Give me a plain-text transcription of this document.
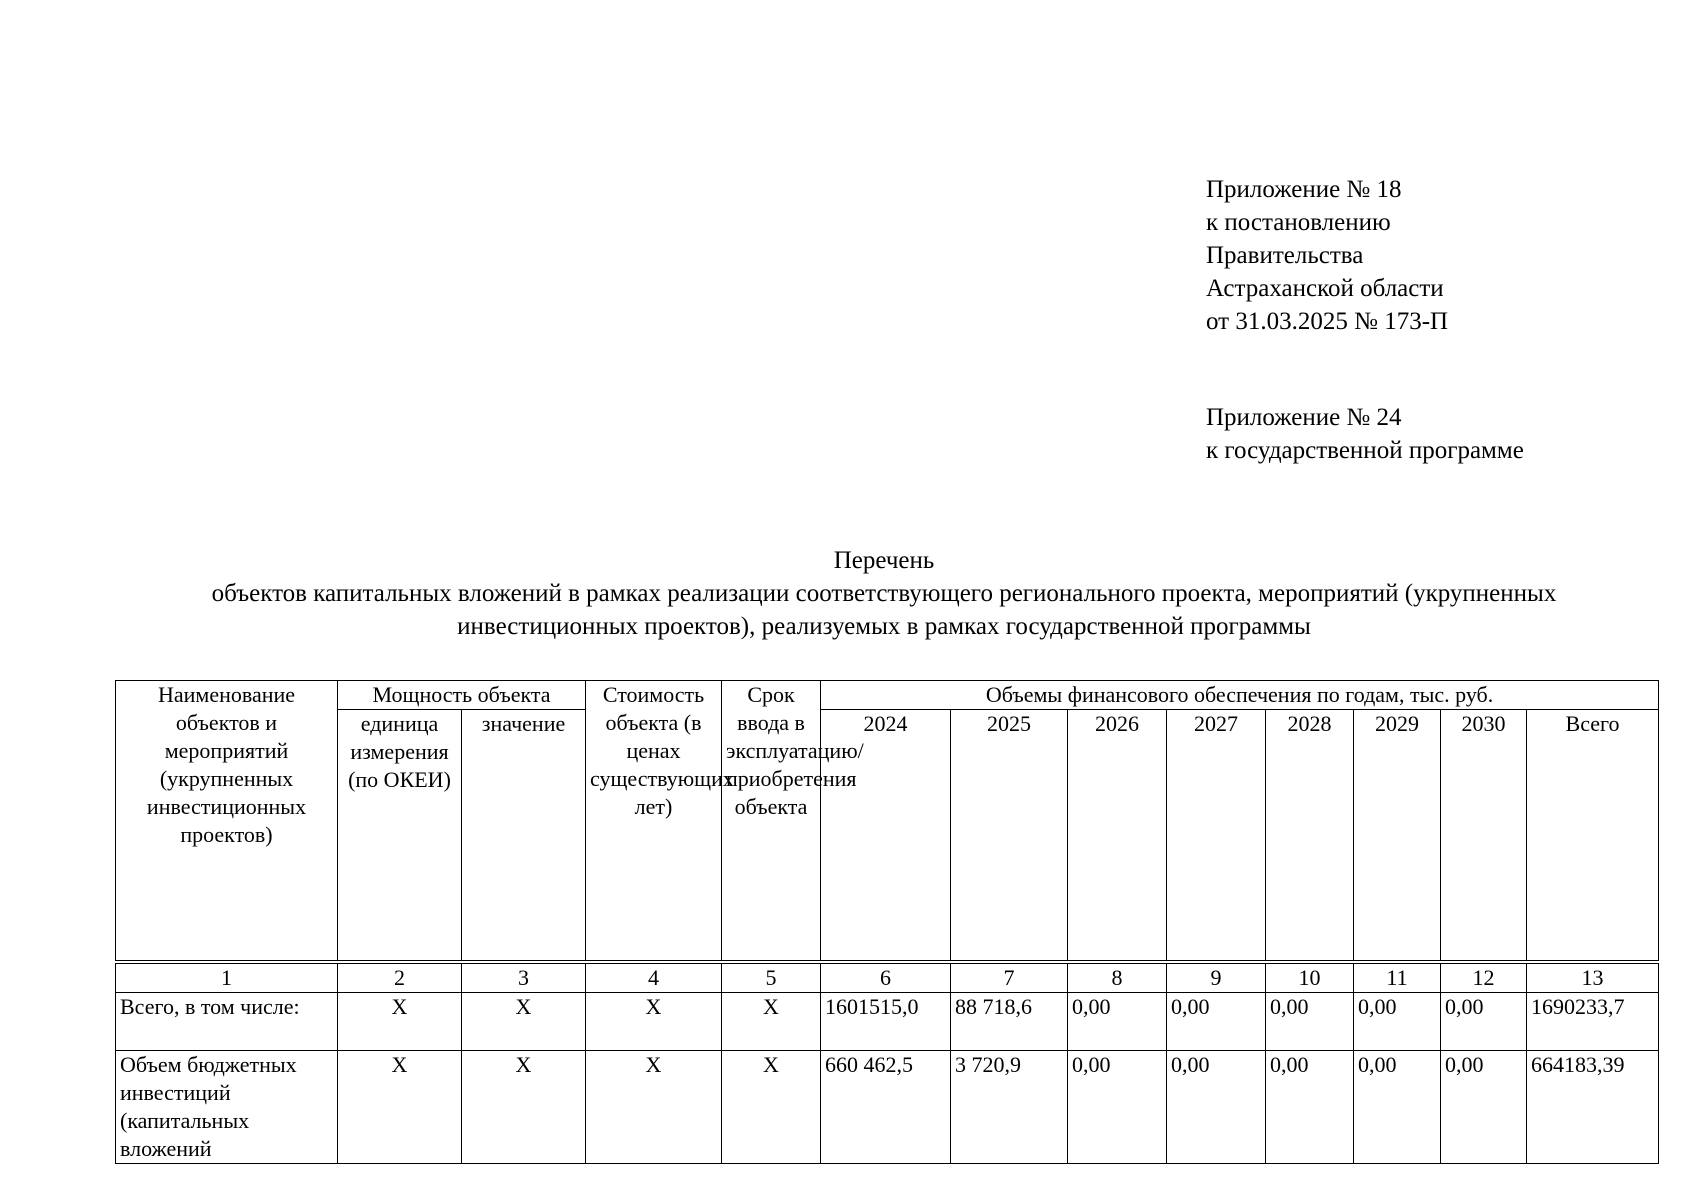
Приложение № 18
к постановлению
Правительства
Астраханской области
от 31.03.2025 № 173-П
Приложение № 24
к государственной программе
Перечень
объектов капитальных вложений в рамках реализации соответствующего регионального проекта, мероприятий (укрупненных
инвестиционных проектов), реализуемых в рамках государственной программы
Наименование объектов и мероприятий (укрупненных инвестиционных проектов)	Мощность объекта		Стоимость объекта (в ценах существующих лет)	Срок ввода в эксплуатацию/ приобретения объекта	Объемы финансового обеспечения по годам, тыс. руб.							
	единица измерения (по ОКЕИ)	значение			2024	2025	2026	2027	2028	2029	2030	Всего
1	2	3	4	5	6	7	8	9	10	11	12	13
Всего, в том числе:	Х	Х	Х	Х	1601515,0	88 718,6	0,00	0,00	0,00	0,00	0,00	1690233,7
Объем бюджетных инвестиций (капитальных вложений	Х	Х	Х	Х	660 462,5	3 720,9	0,00	0,00	0,00	0,00	0,00	664183,39
